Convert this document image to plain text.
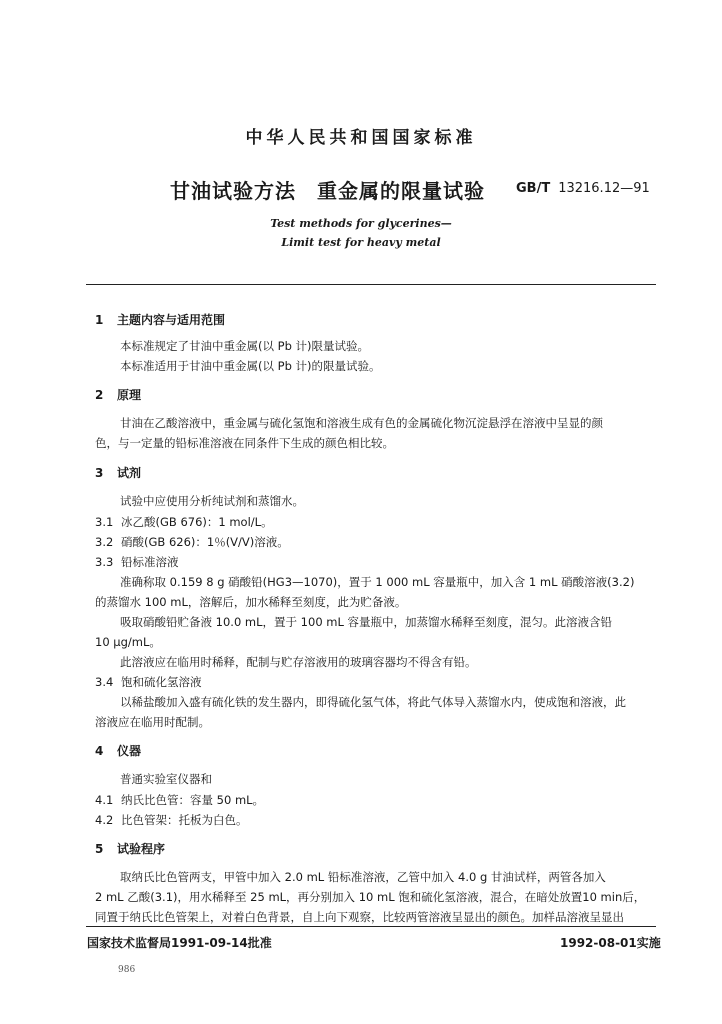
中华人民共和国国家标准
甘油试验方法　重金属的限量试验 GB/T 13216.12—91
Test methods for glycerines—
Limit test for heavy metal
1 主题内容与适用范围
本标准规定了甘油中重金属(以 Pb 计)限量试验。
本标准适用于甘油中重金属(以 Pb 计)的限量试验。
2 原理
甘油在乙酸溶液中，重金属与硫化氢饱和溶液生成有色的金属硫化物沉淀悬浮在溶液中呈显的颜
色，与一定量的铅标准溶液在同条件下生成的颜色相比较。
3 试剂
试验中应使用分析纯试剂和蒸馏水。
3.1 冰乙酸(GB 676)：1 mol/L。
3.2 硝酸(GB 626)：1％(V/V)溶液。
3.3 铅标准溶液
准确称取 0.159 8 g 硝酸铅(HG3—1070)，置于 1 000 mL 容量瓶中，加入含 1 mL 硝酸溶液(3.2)
的蒸馏水 100 mL，溶解后，加水稀释至刻度，此为贮备液。
吸取硝酸铅贮备液 10.0 mL，置于 100 mL 容量瓶中，加蒸馏水稀释至刻度，混匀。此溶液含铅
10 μg/mL。
此溶液应在临用时稀释，配制与贮存溶液用的玻璃容器均不得含有铅。
3.4 饱和硫化氢溶液
以稀盐酸加入盛有硫化铁的发生器内，即得硫化氢气体，将此气体导入蒸馏水内，使成饱和溶液，此
溶液应在临用时配制。
4 仪器
普通实验室仪器和
4.1 纳氏比色管：容量 50 mL。
4.2 比色管架：托板为白色。
5 试验程序
取纳氏比色管两支，甲管中加入 2.0 mL 铅标准溶液，乙管中加入 4.0 g 甘油试样，两管各加入
2 mL 乙酸(3.1)，用水稀释至 25 mL，再分别加入 10 mL 饱和硫化氢溶液，混合，在暗处放置10 min后，
同置于纳氏比色管架上，对着白色背景，自上向下观察，比较两管溶液呈显出的颜色。加样品溶液呈显出
国家技术监督局1991-09-14批准	1992-08-01实施
986
